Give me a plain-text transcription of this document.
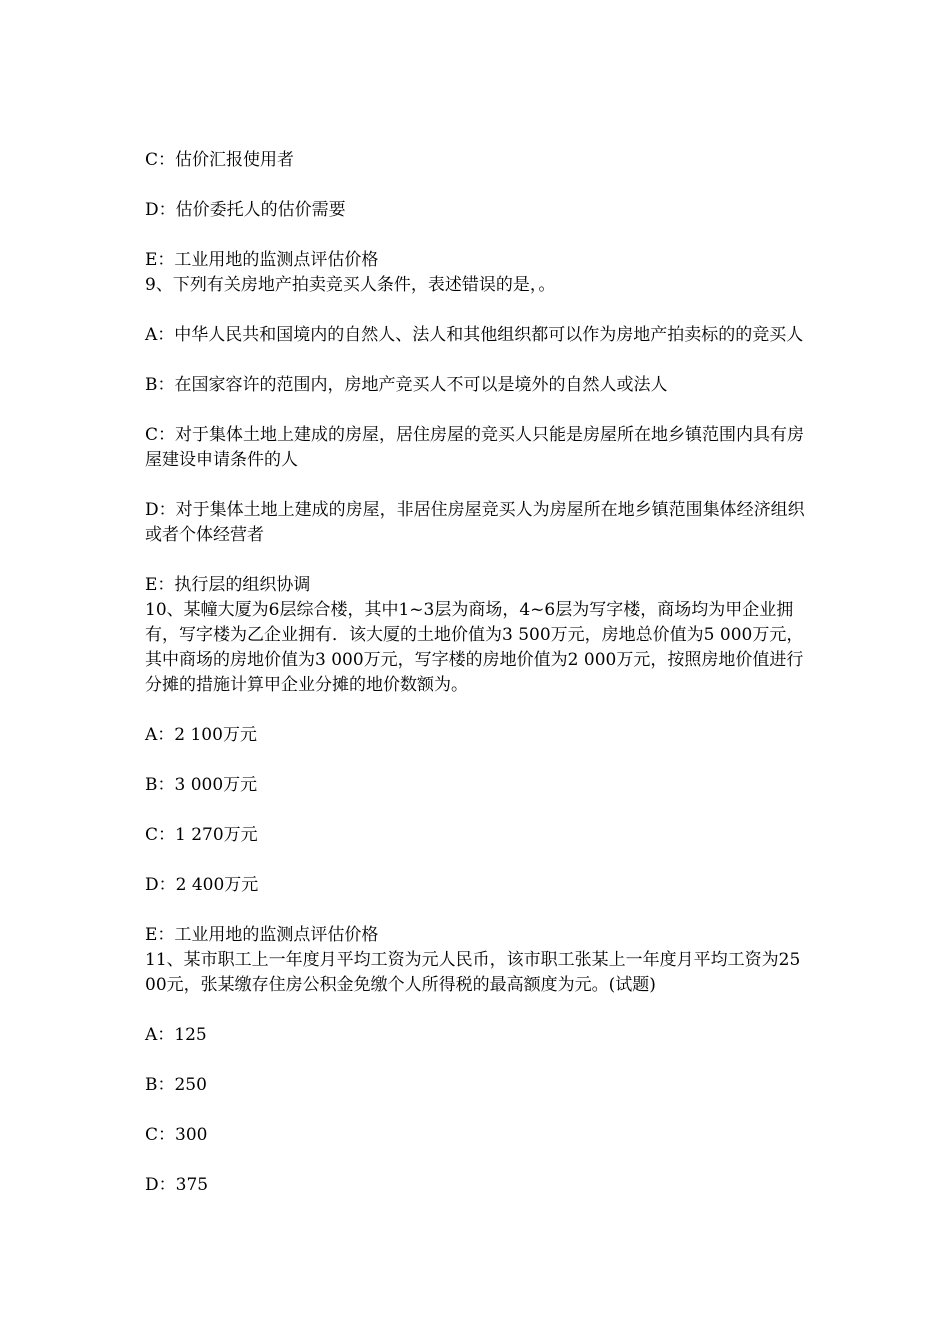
C：估价汇报使用者

D：估价委托人的估价需要

E：工业用地的监测点评估价格

9、下列有关房地产拍卖竞买人条件，表述错误的是，。

A：中华人民共和国境内的自然人、法人和其他组织都可以作为房地产拍卖标的的竞买人

B：在国家容许的范围内，房地产竞买人不可以是境外的自然人或法人

C：对于集体土地上建成的房屋，居住房屋的竞买人只能是房屋所在地乡镇范围内具有房屋建设申请条件的人

D：对于集体土地上建成的房屋，非居住房屋竞买人为房屋所在地乡镇范围集体经济组织或者个体经营者

E：执行层的组织协调

10、某幢大厦为6层综合楼，其中1~3层为商场，4~6层为写字楼，商场均为甲企业拥有，写字楼为乙企业拥有．该大厦的土地价值为3 500万元，房地总价值为5 000万元，其中商场的房地价值为3 000万元，写字楼的房地价值为2 000万元，按照房地价值进行分摊的措施计算甲企业分摊的地价数额为。

A：2 100万元

B：3 000万元

C：1 270万元

D：2 400万元

E：工业用地的监测点评估价格

11、某市职工上一年度月平均工资为元人民币，该市职工张某上一年度月平均工资为2500元，张某缴存住房公积金免缴个人所得税的最高额度为元。(试题)

A：125

B：250

C：300

D：375
